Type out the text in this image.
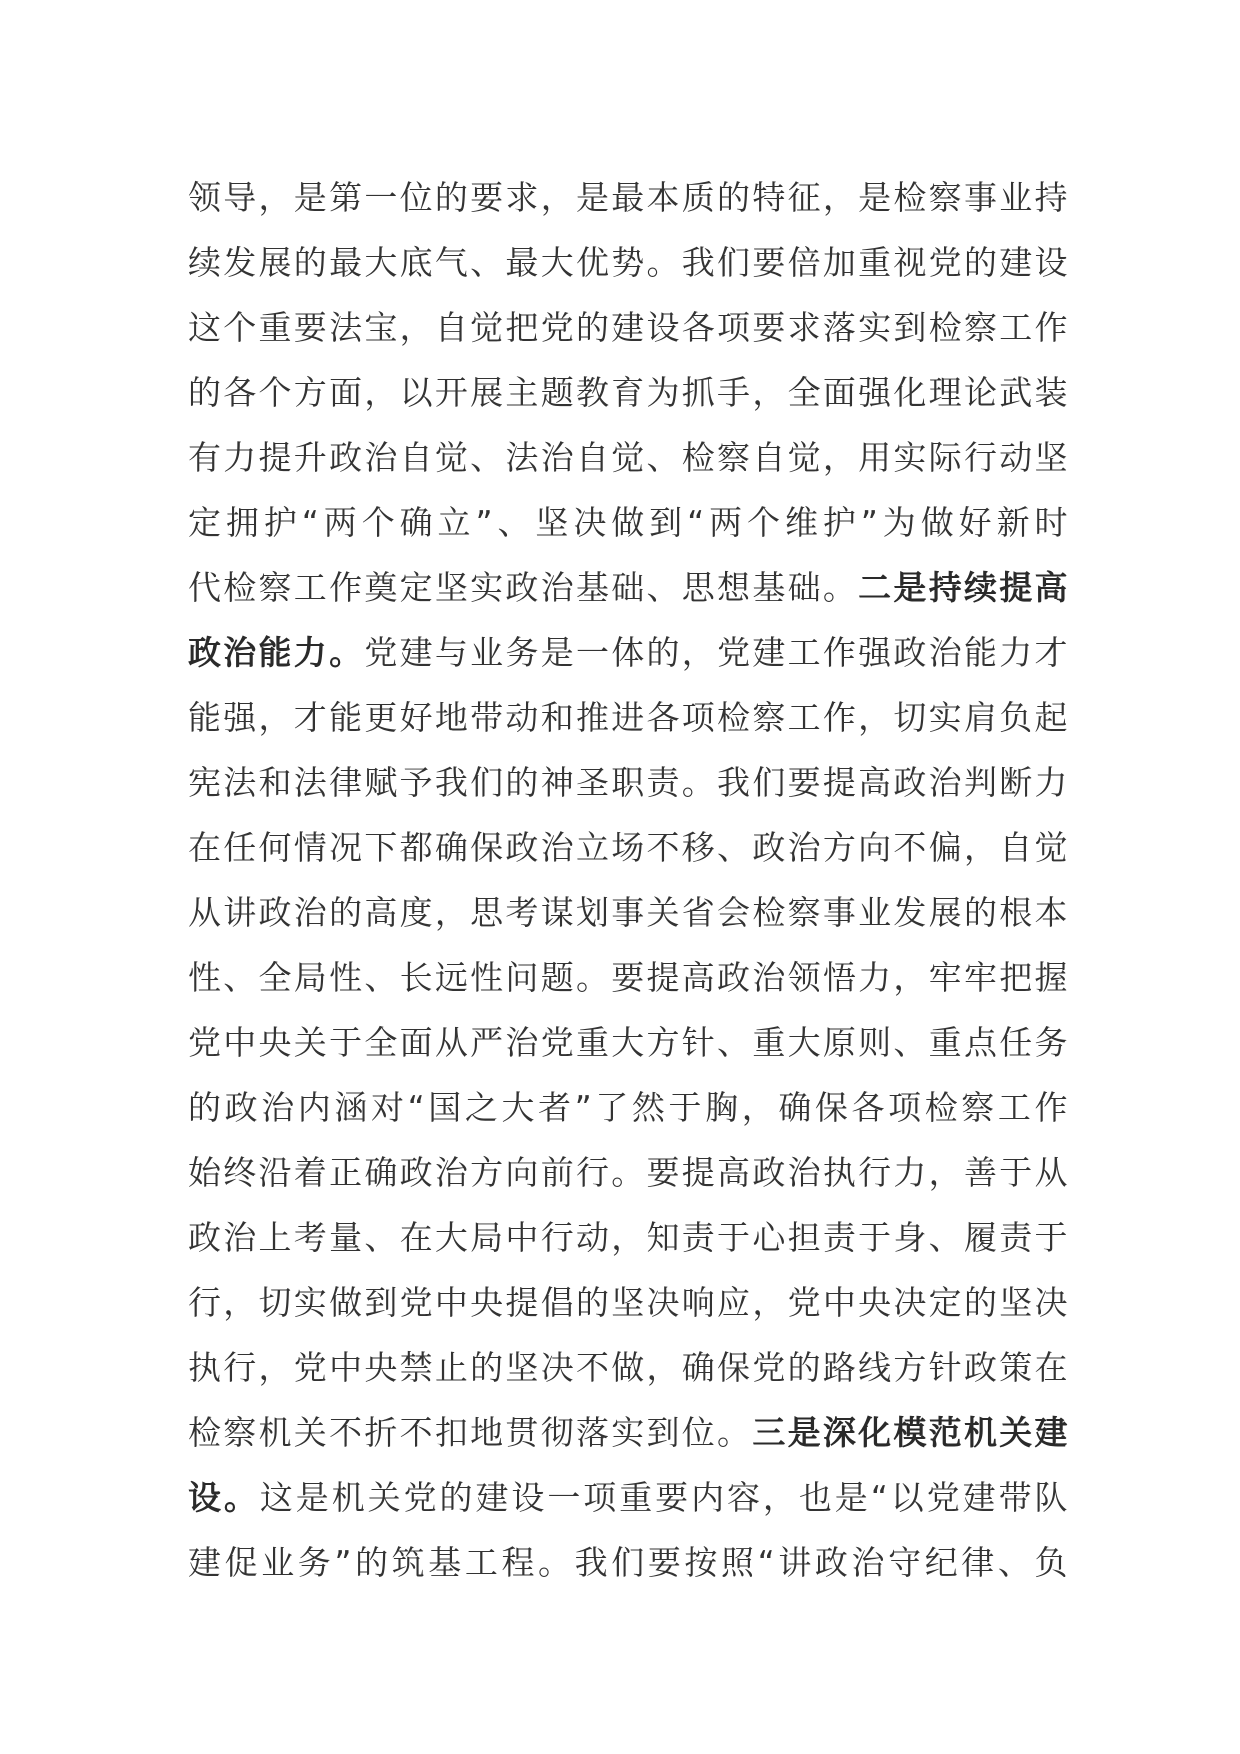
领导，是第一位的要求，是最本质的特征，是检察事业持
续发展的最大底气、最大优势。我们要倍加重视党的建设
这个重要法宝，自觉把党的建设各项要求落实到检察工作
的各个方面，以开展主题教育为抓手，全面强化理论武装
有力提升政治自觉、法治自觉、检察自觉，用实际行动坚
定拥护“两个确立”、坚决做到“两个维护”为做好新时
代检察工作奠定坚实政治基础、思想基础。二是持续提高
政治能力。党建与业务是一体的，党建工作强政治能力才
能强，才能更好地带动和推进各项检察工作，切实肩负起
宪法和法律赋予我们的神圣职责。我们要提高政治判断力
在任何情况下都确保政治立场不移、政治方向不偏，自觉
从讲政治的高度，思考谋划事关省会检察事业发展的根本
性、全局性、长远性问题。要提高政治领悟力，牢牢把握
党中央关于全面从严治党重大方针、重大原则、重点任务
的政治内涵对“国之大者”了然于胸，确保各项检察工作
始终沿着正确政治方向前行。要提高政治执行力，善于从
政治上考量、在大局中行动，知责于心担责于身、履责于
行，切实做到党中央提倡的坚决响应，党中央决定的坚决
执行，党中央禁止的坚决不做，确保党的路线方针政策在
检察机关不折不扣地贯彻落实到位。三是深化模范机关建
设。这是机关党的建设一项重要内容，也是“以党建带队
建促业务”的筑基工程。我们要按照“讲政治守纪律、负
